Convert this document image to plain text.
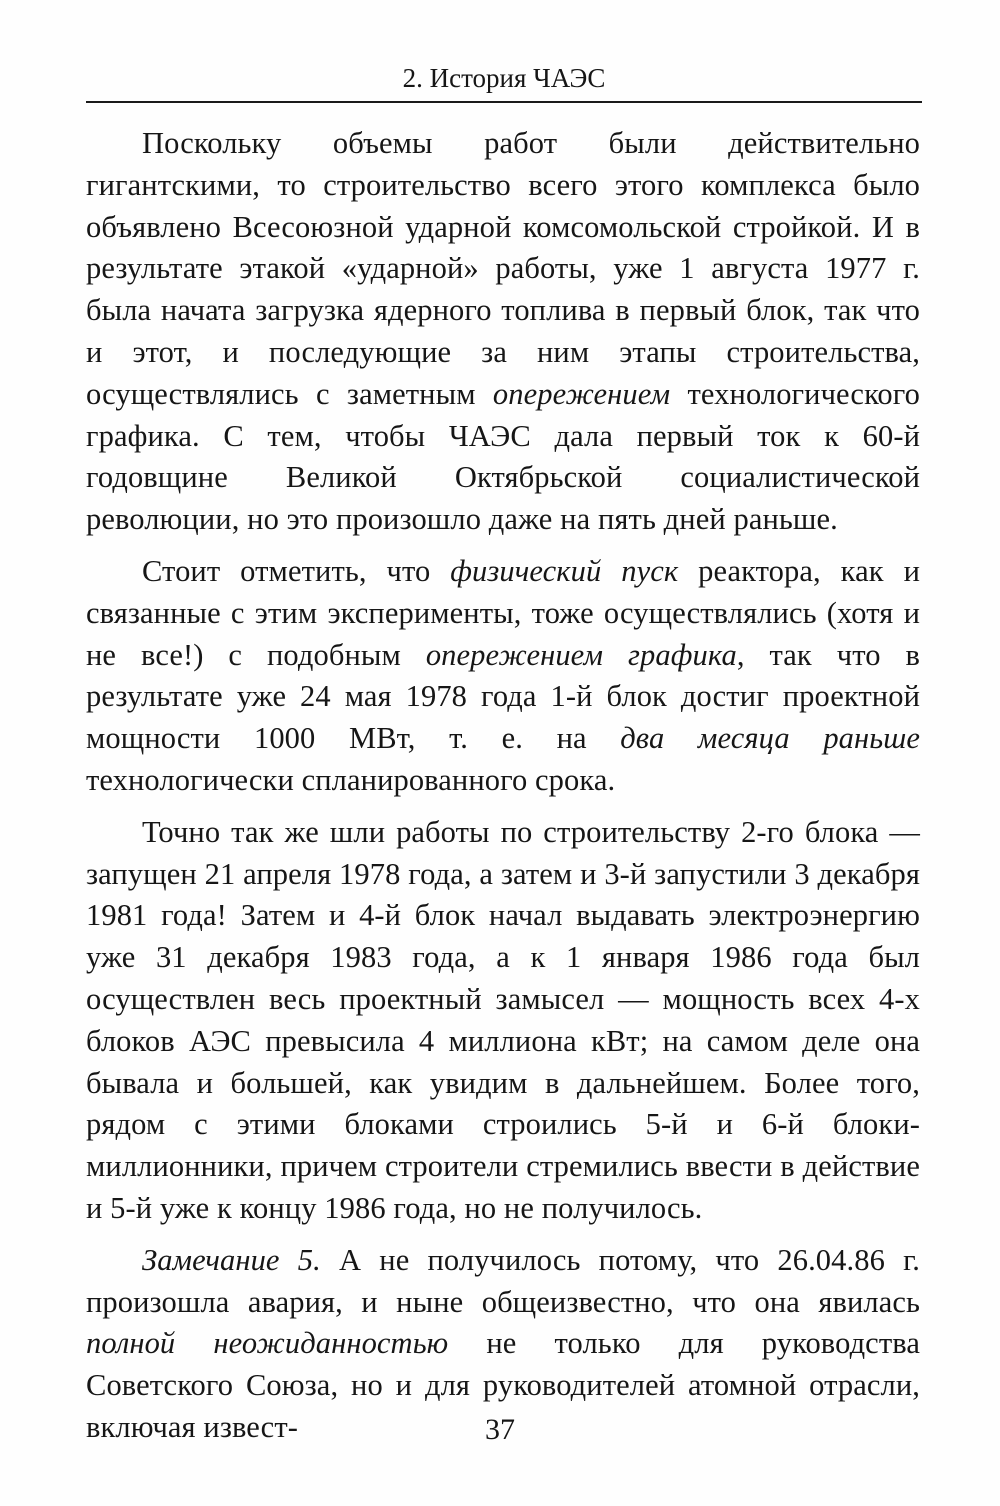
2. История ЧАЭС

Поскольку объемы работ были действительно гигантскими, то строительство всего этого комплекса было объявлено Всесоюзной ударной комсомольской стройкой. И в результате этакой «ударной» работы, уже 1 августа 1977 г. была начата загрузка ядерного топлива в первый блок, так что и этот, и последующие за ним этапы строительства, осуществлялись с заметным опережением технологического графика. С тем, чтобы ЧАЭС дала первый ток к 60-й годовщине Великой Октябрьской социалистической революции, но это произошло даже на пять дней раньше.

Стоит отметить, что физический пуск реактора, как и связанные с этим эксперименты, тоже осуществлялись (хотя и не все!) с подобным опережением графика, так что в результате уже 24 мая 1978 года 1-й блок достиг проектной мощности 1000 МВт, т. е. на два месяца раньше технологически спланированного срока.

Точно так же шли работы по строительству 2-го блока — запущен 21 апреля 1978 года, а затем и 3-й запустили 3 декабря 1981 года! Затем и 4-й блок начал выдавать электроэнергию уже 31 декабря 1983 года, а к 1 января 1986 года был осуществлен весь проектный замысел — мощность всех 4-х блоков АЭС превысила 4 миллиона кВт; на самом деле она бывала и большей, как увидим в дальнейшем. Более того, рядом с этими блоками строились 5-й и 6-й блоки-миллионники, причем строители стремились ввести в действие и 5-й уже к концу 1986 года, но не получилось.

Замечание 5. А не получилось потому, что 26.04.86 г. произошла авария, и ныне общеизвестно, что она явилась полной неожиданностью не только для руководства Советского Союза, но и для руководителей атомной отрасли, включая извест-	37
